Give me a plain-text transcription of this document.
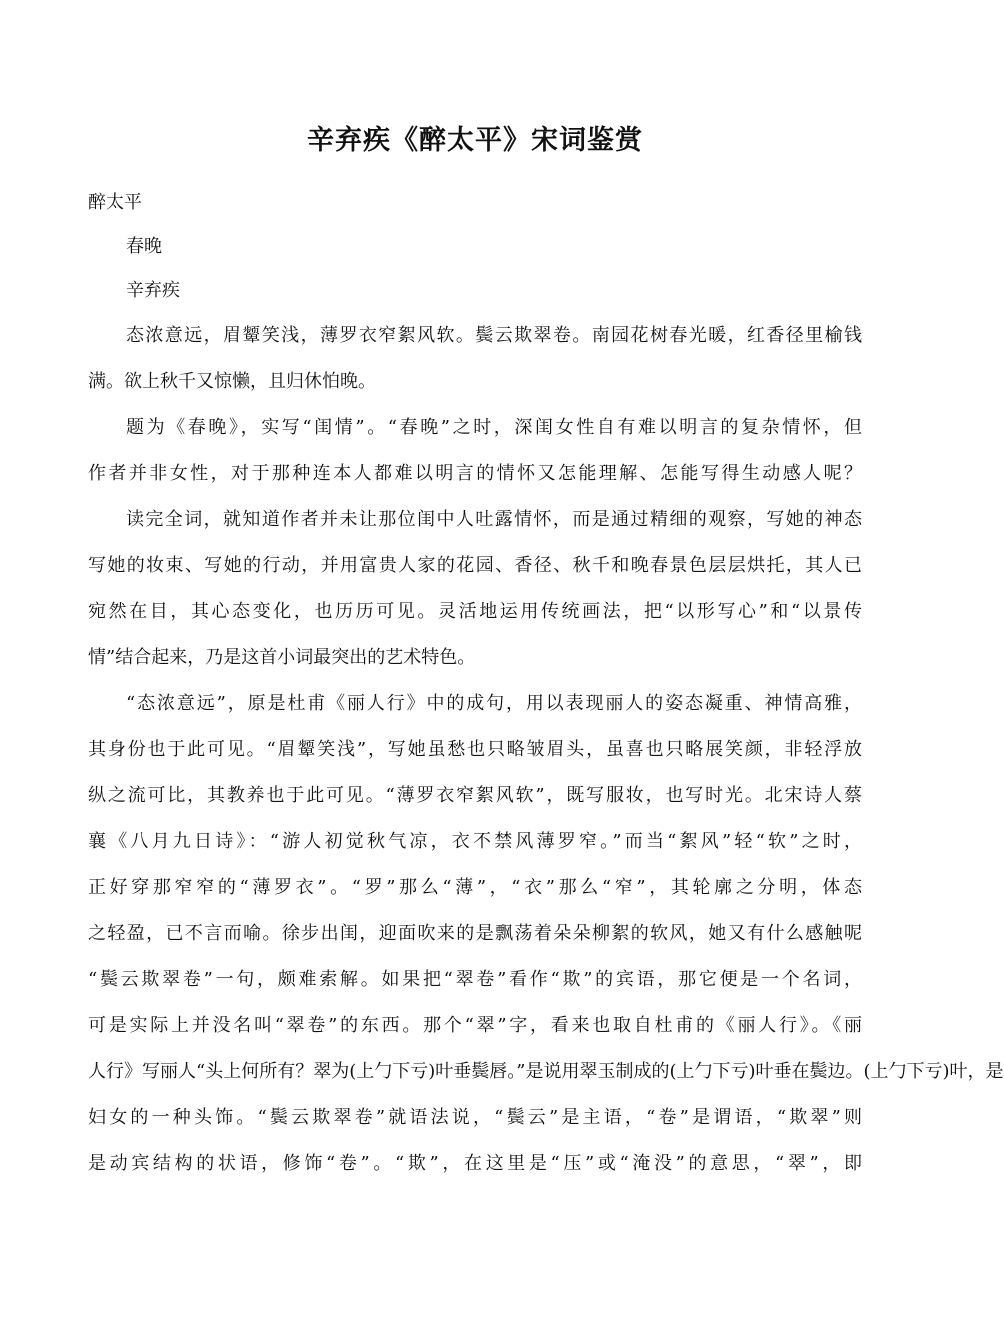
辛弃疾《醉太平》宋词鉴赏
醉太平
春晚
辛弃疾
态浓意远，眉颦笑浅，薄罗衣窄絮风软。鬓云欺翠卷。南园花树春光暖，红香径里榆钱
满。欲上秋千又惊懒，且归休怕晚。
题为《春晚》，实写“闺情”。“春晚”之时，深闺女性自有难以明言的复杂情怀，但
作者并非女性，对于那种连本人都难以明言的情怀又怎能理解、怎能写得生动感人呢？
读完全词，就知道作者并未让那位闺中人吐露情怀，而是通过精细的观察，写她的神态
写她的妆束、写她的行动，并用富贵人家的花园、香径、秋千和晚春景色层层烘托，其人已
宛然在目，其心态变化，也历历可见。灵活地运用传统画法，把“以形写心”和“以景传
情”结合起来，乃是这首小词最突出的艺术特色。
“态浓意远”，原是杜甫《丽人行》中的成句，用以表现丽人的姿态凝重、神情高雅，
其身份也于此可见。“眉颦笑浅”，写她虽愁也只略皱眉头，虽喜也只略展笑颜，非轻浮放
纵之流可比，其教养也于此可见。“薄罗衣窄絮风软”，既写服妆，也写时光。北宋诗人蔡
襄《八月九日诗》：“游人初觉秋气凉，衣不禁风薄罗窄。”而当“絮风”轻“软”之时，
正好穿那窄窄的“薄罗衣”。“罗”那么“薄”，“衣”那么“窄”，其轮廓之分明，体态
之轻盈，已不言而喻。徐步出闺，迎面吹来的是飘荡着朵朵柳絮的软风，她又有什么感触呢
“鬓云欺翠卷”一句，颇难索解。如果把“翠卷”看作“欺”的宾语，那它便是一个名词，
可是实际上并没名叫“翠卷”的东西。那个“翠”字，看来也取自杜甫的《丽人行》。《丽
人行》写丽人“头上何所有？翠为(上勹下亏)叶垂鬓唇。”是说用翠玉制成的(上勹下亏)叶垂在鬓边。(上勹下亏)叶，是
妇女的一种头饰。“鬓云欺翠卷”就语法说，“鬓云”是主语，“卷”是谓语，“欺翠”则
是动宾结构的状语，修饰“卷”。“欺”，在这里是“压”或“淹没”的意思，“翠”，即
